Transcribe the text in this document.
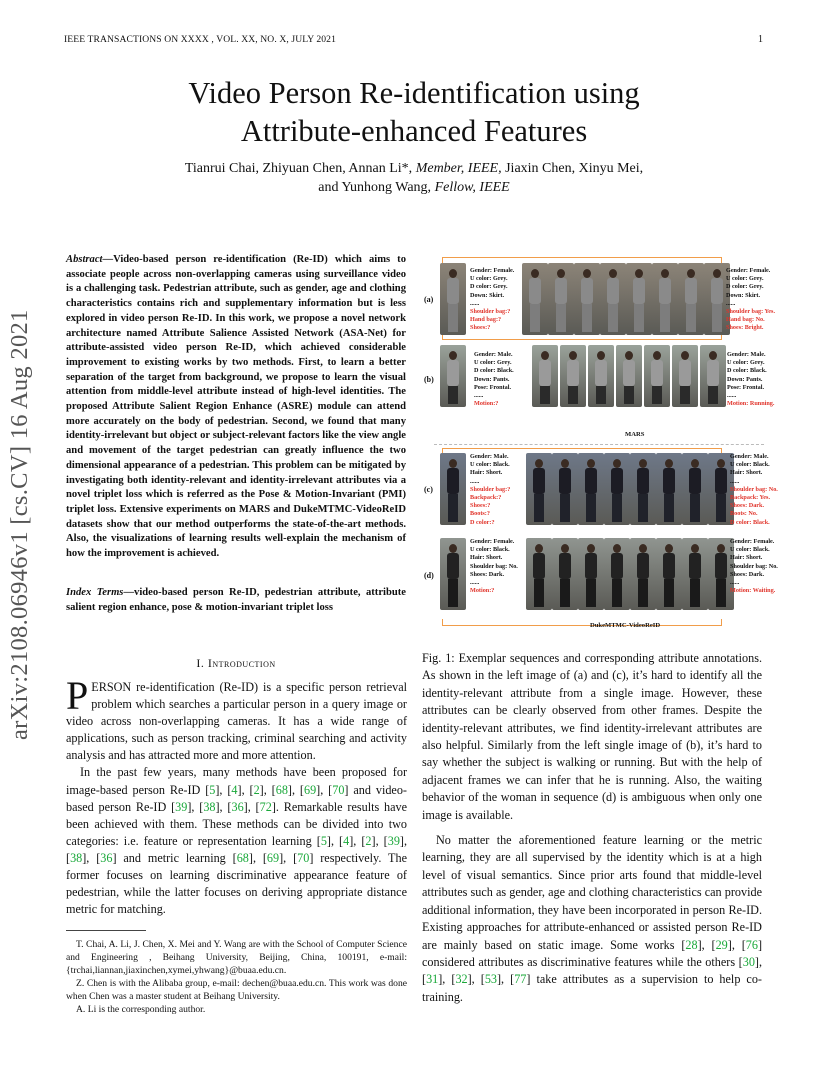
IEEE TRANSACTIONS ON XXXX , VOL. XX, NO. X, JULY 2021	1
Video Person Re-identification using
Attribute-enhanced Features
Tianrui Chai, Zhiyuan Chen, Annan Li*, Member, IEEE, Jiaxin Chen, Xinyu Mei,
and Yunhong Wang, Fellow, IEEE
arXiv:2108.06946v1 [cs.CV] 16 Aug 2021
Abstract—Video-based person re-identification (Re-ID) which aims to associate people across non-overlapping cameras using surveillance video is a challenging task. Pedestrian attribute, such as gender, age and clothing characteristics contains rich and supplementary information but is less explored in video person Re-ID. In this work, we propose a novel network architecture named Attribute Salience Assisted Network (ASA-Net) for attribute-assisted video person Re-ID, which achieved considerable improvement to existing works by two methods. First, to learn a better separation of the target from background, we propose to learn the visual attention from middle-level attribute instead of high-level identities. The proposed Attribute Salient Region Enhance (ASRE) module can attend more accurately on the body of pedestrian. Second, we found that many identity-irrelevant but object or subject-relevant factors like the view angle and movement of the target pedestrian can greatly influence the two dimensional appearance of a pedestrian. This problem can be mitigated by investigating both identity-relevant and identity-irrelevant attributes via a novel triplet loss which is referred as the Pose & Motion-Invariant (PMI) triplet loss. Extensive experiments on MARS and DukeMTMC-VideoReID datasets show that our method outperforms the state-of-the-art methods. Also, the visualizations of learning results well-explain the mechanism of how the improvement is achieved.
Index Terms—video-based person Re-ID, pedestrian attribute, attribute salient region enhance, pose & motion-invariant triplet loss
I. Introduction

PERSON re-identification (Re-ID) is a specific person retrieval problem which searches a particular person in a query image or video across non-overlapping cameras. It has a wide range of applications, such as person tracking, criminal searching and activity analysis and has attracted more and more attention.

In the past few years, many methods have been proposed for image-based person Re-ID [5], [4], [2], [68], [69], [70] and video-based person Re-ID [39], [38], [36], [72]. Remarkable results have been achieved with them. These methods can be divided into two categories: i.e. feature or representation learning [5], [4], [2], [39], [38], [36] and metric learning [68], [69], [70] respectively. The former focuses on learning discriminative appearance feature of pedestrian, while the latter focuses on deriving appropriate distance metric for matching.

T. Chai, A. Li, J. Chen, X. Mei and Y. Wang are with the School of Computer Science and Engineering , Beihang University, Beijing, China, 100191, e-mail: {trchai,liannan,jiaxinchen,xymei,yhwang}@buaa.edu.cn.

Z. Chen is with the Alibaba group, e-mail: dechen@buaa.edu.cn. This work was done when Chen was a master student at Beihang University.

A. Li is the corresponding author.

(a)
(b)
(c)
(d)
Gender: Female.
U color: Grey.
D color: Grey.
Down: Skirt.
......
Shoulder bag:?
Hand bag:?
Shoes:?
Gender: Female.
U color: Grey.
D color: Grey.
Down: Skirt.
......
Shoulder bag: Yes.
Hand bag: No.
Shoes: Bright.
Gender: Male.
U color: Grey.
D color: Black.
Down: Pants.
Pose: Frontal.
......
Motion:?
Gender: Male.
U color: Grey.
D color: Black.
Down: Pants.
Pose: Frontal.
......
Motion: Running.
MARS
Gender: Male.
U color: Black.
Hair: Short.
......
Shoulder bag:?
Backpack:?
Shoes:?
Boots:?
D color:?
Gender: Male.
U color: Black.
Hair: Short.
......
Shoulder bag: No.
Backpack: Yes.
Shoes: Dark.
Boots: No.
D color: Black.
Gender: Female.
U color: Black.
Hair: Short.
Shoulder bag: No.
Shoes: Dark.
......
Motion:?
Gender: Female.
U color: Black.
Hair: Short.
Shoulder bag: No.
Shoes: Dark.
......
Motion: Waiting.
DukeMTMC-VideoReID

Fig. 1: Exemplar sequences and corresponding attribute annotations. As shown in the left image of (a) and (c), it’s hard to identify all the identity-relevant attribute from a single image. However, these attributes can be clearly observed from other frames. Despite the identity-relevant attributes, we find identity-irrelevant attributes are also helpful. Similarly from the left single image of (b), it’s hard to say whether the subject is walking or running. But with the help of adjacent frames we can infer that he is running. Also, the waiting behavior of the woman in sequence (d) is ambiguous when only one image is available.

No matter the aforementioned feature learning or the metric learning, they are all supervised by the identity which is at a high level of visual semantics. Since prior arts found that middle-level attributes such as gender, age and clothing characteristics can provide additional information, they have been incorporated in person Re-ID. Existing approaches for attribute-enhanced or assisted person Re-ID are mainly based on static image. Some works [28], [29], [76] considered attributes as discriminative features while the others [30], [31], [32], [53], [77] take attributes as a supervision to help co-training.
